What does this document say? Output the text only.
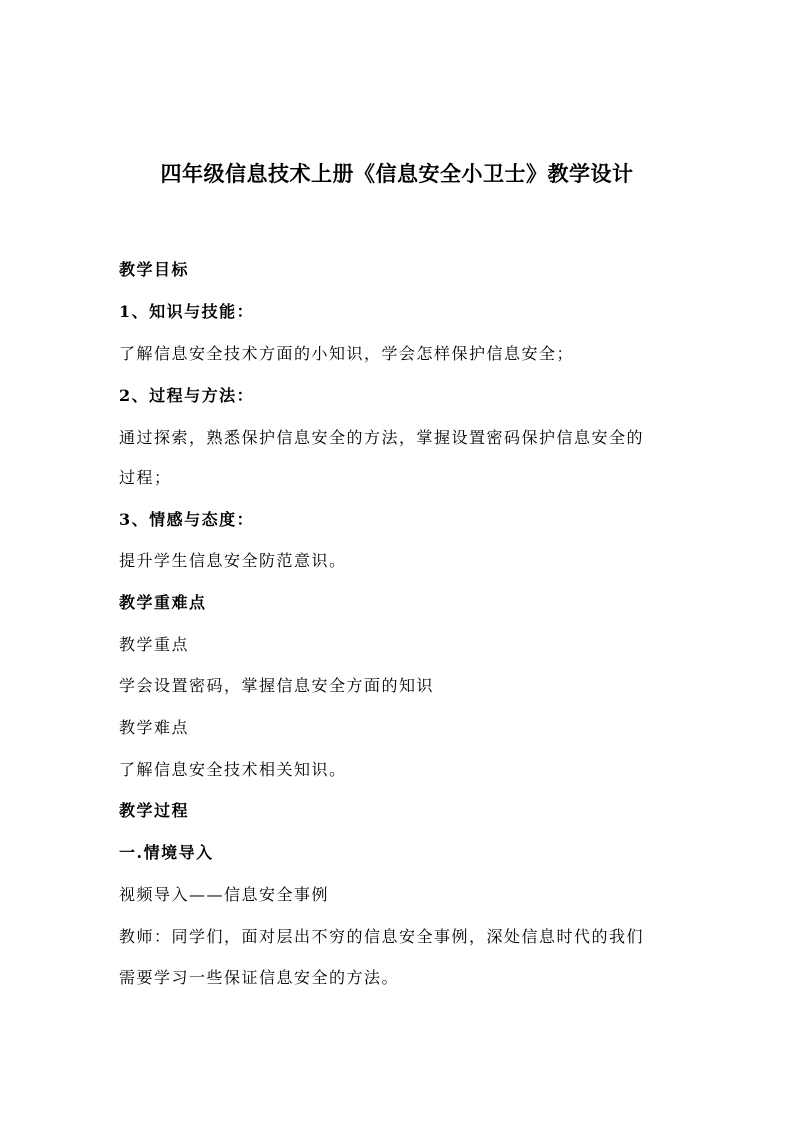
四年级信息技术上册《信息安全小卫士》教学设计
教学目标
1、知识与技能：
了解信息安全技术方面的小知识，学会怎样保护信息安全；
2、过程与方法：
通过探索，熟悉保护信息安全的方法，掌握设置密码保护信息安全的
过程；
3、情感与态度：
提升学生信息安全防范意识。
教学重难点
教学重点
学会设置密码，掌握信息安全方面的知识
教学难点
了解信息安全技术相关知识。
教学过程
一.情境导入
视频导入——信息安全事例
教师：同学们，面对层出不穷的信息安全事例，深处信息时代的我们
需要学习一些保证信息安全的方法。
